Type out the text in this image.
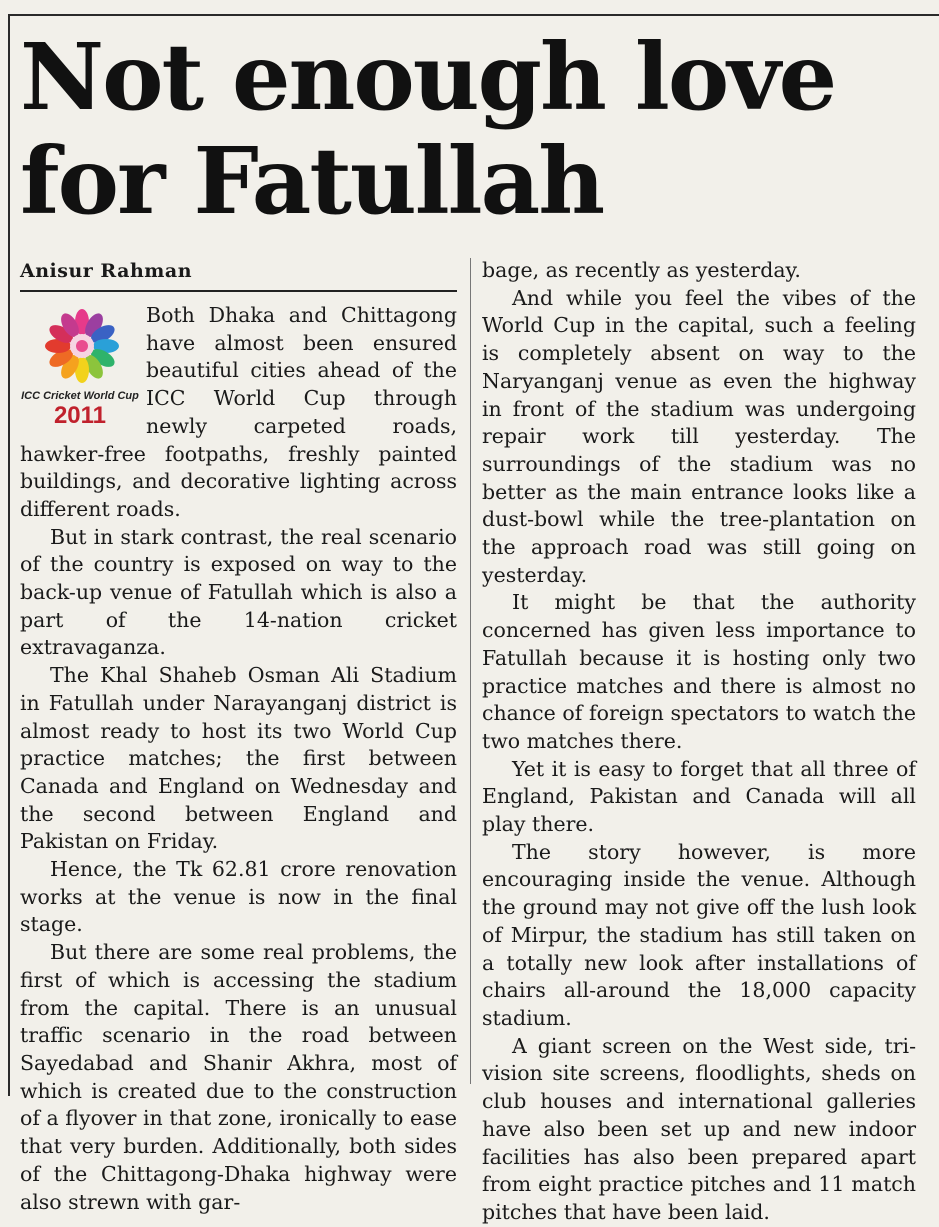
Not enough love
for Fatullah
Anisur Rahman
ICC Cricket World Cup
2011

Both Dhaka and Chittagong have almost been ensured beautiful cities ahead of the ICC World Cup through newly carpeted roads, hawker-free footpaths, freshly painted buildings, and decorative lighting across different roads.

But in stark contrast, the real scenario of the country is exposed on way to the back-up venue of Fatullah which is also a part of the 14-nation cricket extravaganza.

The Khal Shaheb Osman Ali Stadium in Fatullah under Narayanganj district is almost ready to host its two World Cup practice matches; the first between Canada and England on Wednesday and the second between England and Pakistan on Friday.

Hence, the Tk 62.81 crore renovation works at the venue is now in the final stage.

But there are some real problems, the first of which is accessing the stadium from the capital. There is an unusual traffic scenario in the road between Sayedabad and Shanir Akhra, most of which is created due to the construction of a flyover in that zone, ironically to ease that very burden. Additionally, both sides of the Chittagong-Dhaka highway were also strewn with gar-

bage, as recently as yesterday.

And while you feel the vibes of the World Cup in the capital, such a feeling is completely absent on way to the Naryanganj venue as even the highway in front of the stadium was undergoing repair work till yesterday. The surroundings of the stadium was no better as the main entrance looks like a dust-bowl while the tree-plantation on the approach road was still going on yesterday.

It might be that the authority concerned has given less importance to Fatullah because it is hosting only two practice matches and there is almost no chance of foreign spectators to watch the two matches there.

Yet it is easy to forget that all three of England, Pakistan and Canada will all play there.

The story however, is more encouraging inside the venue. Although the ground may not give off the lush look of Mirpur, the stadium has still taken on a totally new look after installations of chairs all-around the 18,000 capacity stadium.

A giant screen on the West side, tri-vision site screens, floodlights, sheds on club houses and international galleries have also been set up and new indoor facilities has also been prepared apart from eight practice pitches and 11 match pitches that have been laid.
